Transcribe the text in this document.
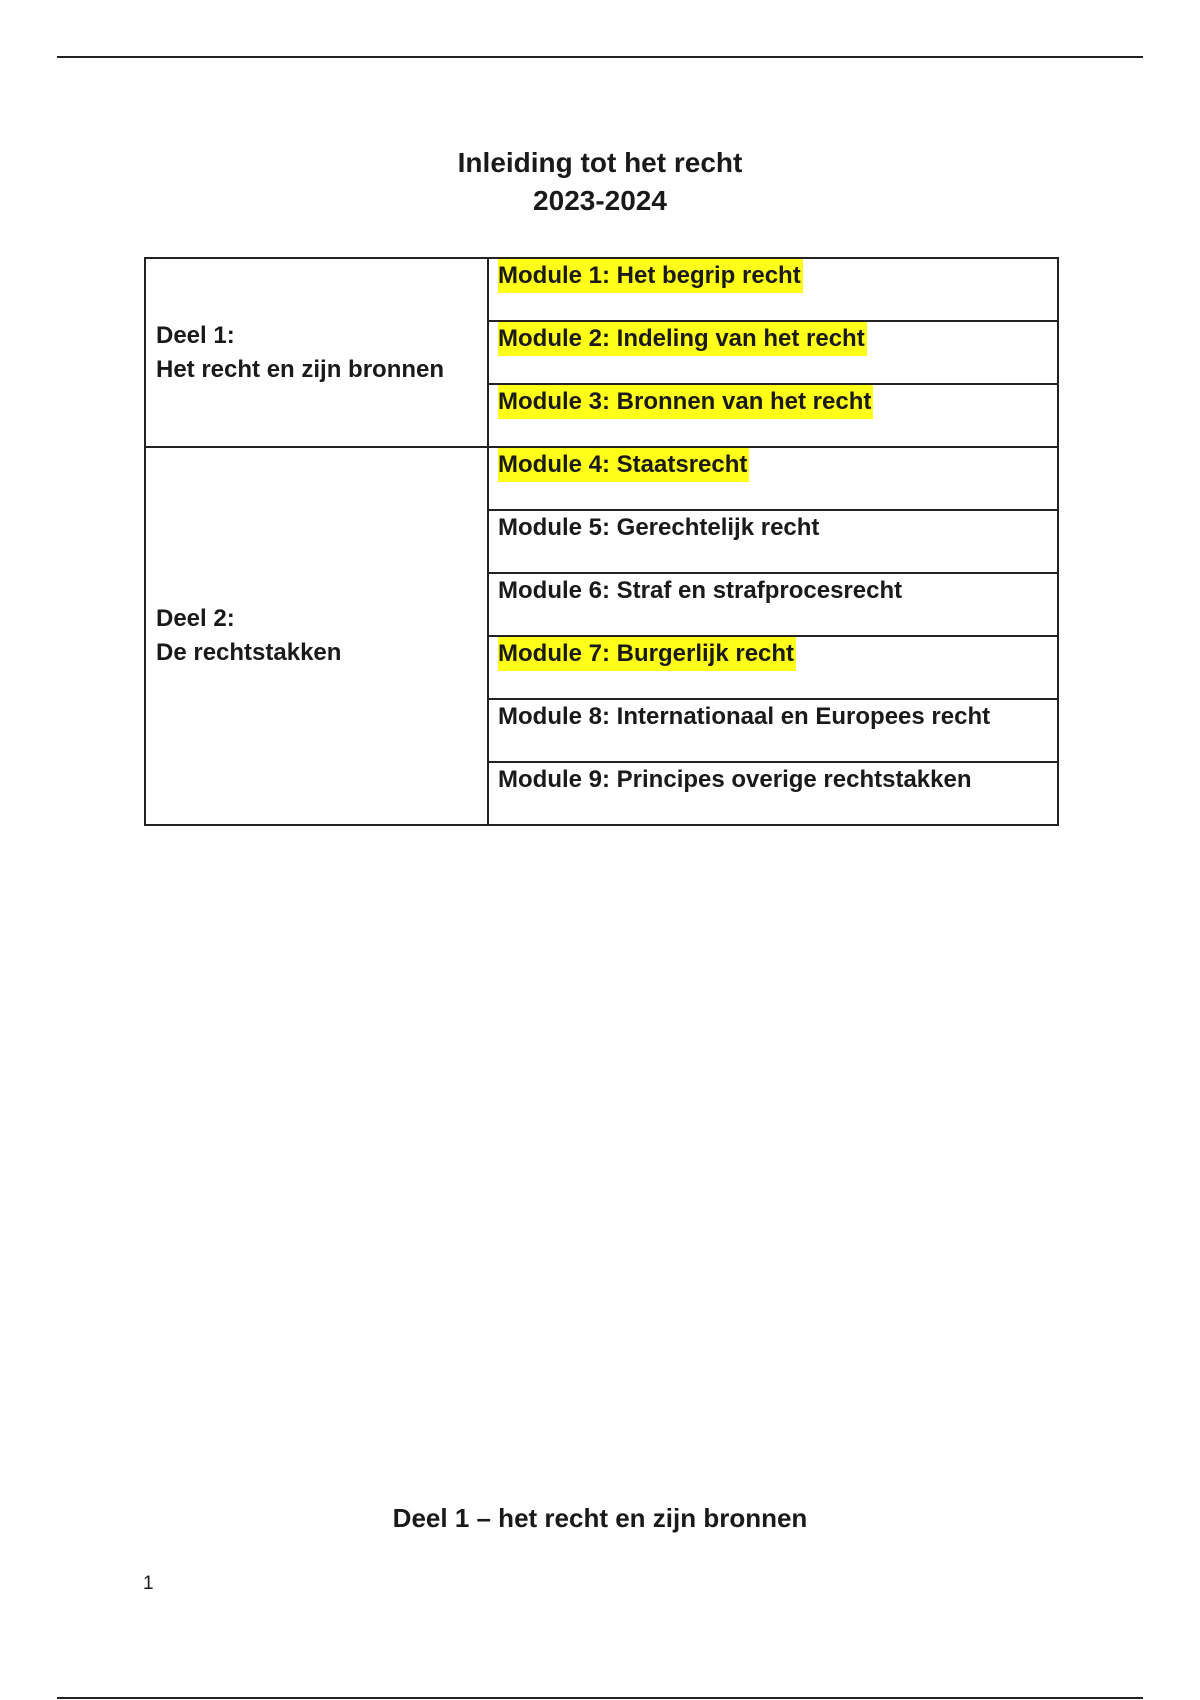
Inleiding tot het recht
2023-2024
Deel 1:
Het recht en zijn bronnen	Module 1: Het begrip recht
	Module 2: Indeling van het recht
	Module 3: Bronnen van het recht

Deel 2:
De rechtstakken	Module 4: Staatsrecht
	Module 5: Gerechtelijk recht
	Module 6: Straf en strafprocesrecht
	Module 7: Burgerlijk recht
	Module 8: Internationaal en Europees recht
	Module 9: Principes overige rechtstakken
Deel 1 – het recht en zijn bronnen
1
